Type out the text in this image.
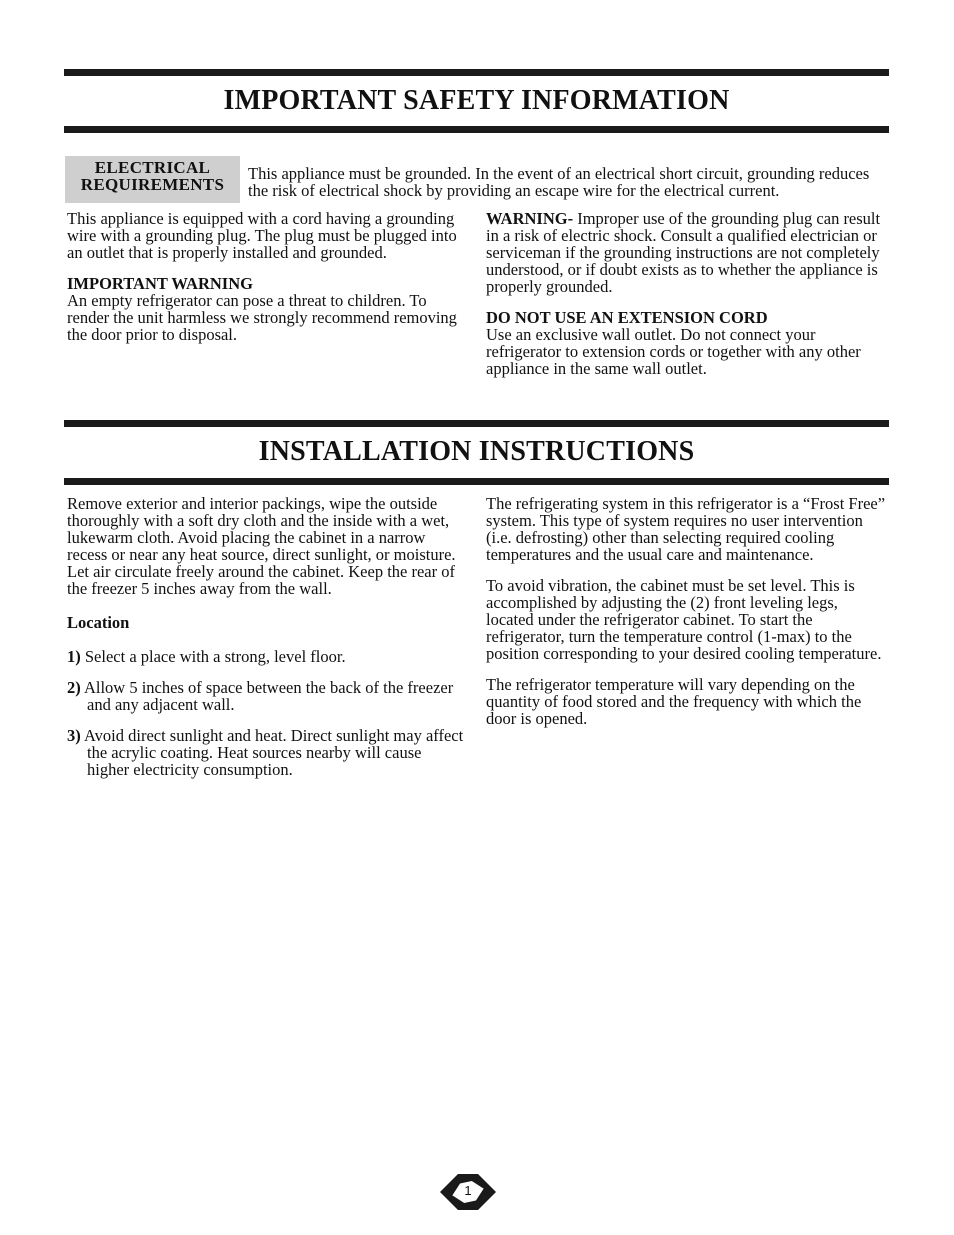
IMPORTANT SAFETY INFORMATION
ELECTRICAL
REQUIREMENTS
This appliance must be grounded. In the event of an electrical short circuit, grounding reduces the risk of electrical shock by providing an escape wire for the electrical current.

This appliance is equipped with a cord having a grounding wire with a grounding plug. The plug must be plugged into an outlet that is properly installed and grounded.

IMPORTANT WARNING

An empty refrigerator can pose a threat to children. To render the unit harmless we strongly recommend removing the door prior to disposal.

WARNING- Improper use of the grounding plug can result in a risk of electric shock. Consult a qualified electrician or serviceman if the grounding instructions are not completely understood, or if doubt exists as to whether the appliance is properly grounded.

DO NOT USE AN EXTENSION CORD

Use an exclusive wall outlet. Do not connect your refrigerator to extension cords or together with any other appliance in the same wall outlet.

INSTALLATION INSTRUCTIONS

Remove exterior and interior packings, wipe the outside thoroughly with a soft dry cloth and the inside with a wet, lukewarm cloth. Avoid placing the cabinet in a narrow recess or near any heat source, direct sunlight, or moisture. Let air circulate freely around the cabinet. Keep the rear of the freezer 5 inches away from the wall.

Location

1) Select a place with a strong, level floor.

2) Allow 5 inches of space between the back of the freezer and any adjacent wall.

3) Avoid direct sunlight and heat. Direct sunlight may affect the acrylic coating. Heat sources nearby will cause higher electricity consumption.

The refrigerating system in this refrigerator is a “Frost Free” system. This type of system requires no user intervention (i.e. defrosting) other than selecting required cooling temperatures and the usual care and maintenance.

To avoid vibration, the cabinet must be set level. This is accomplished by adjusting the (2) front leveling legs, located under the refrigerator cabinet. To start the refrigerator, turn the temperature control (1-max) to the position corresponding to your desired cooling temperature.

The refrigerator temperature will vary depending on the quantity of food stored and the frequency with which the door is opened.

1
